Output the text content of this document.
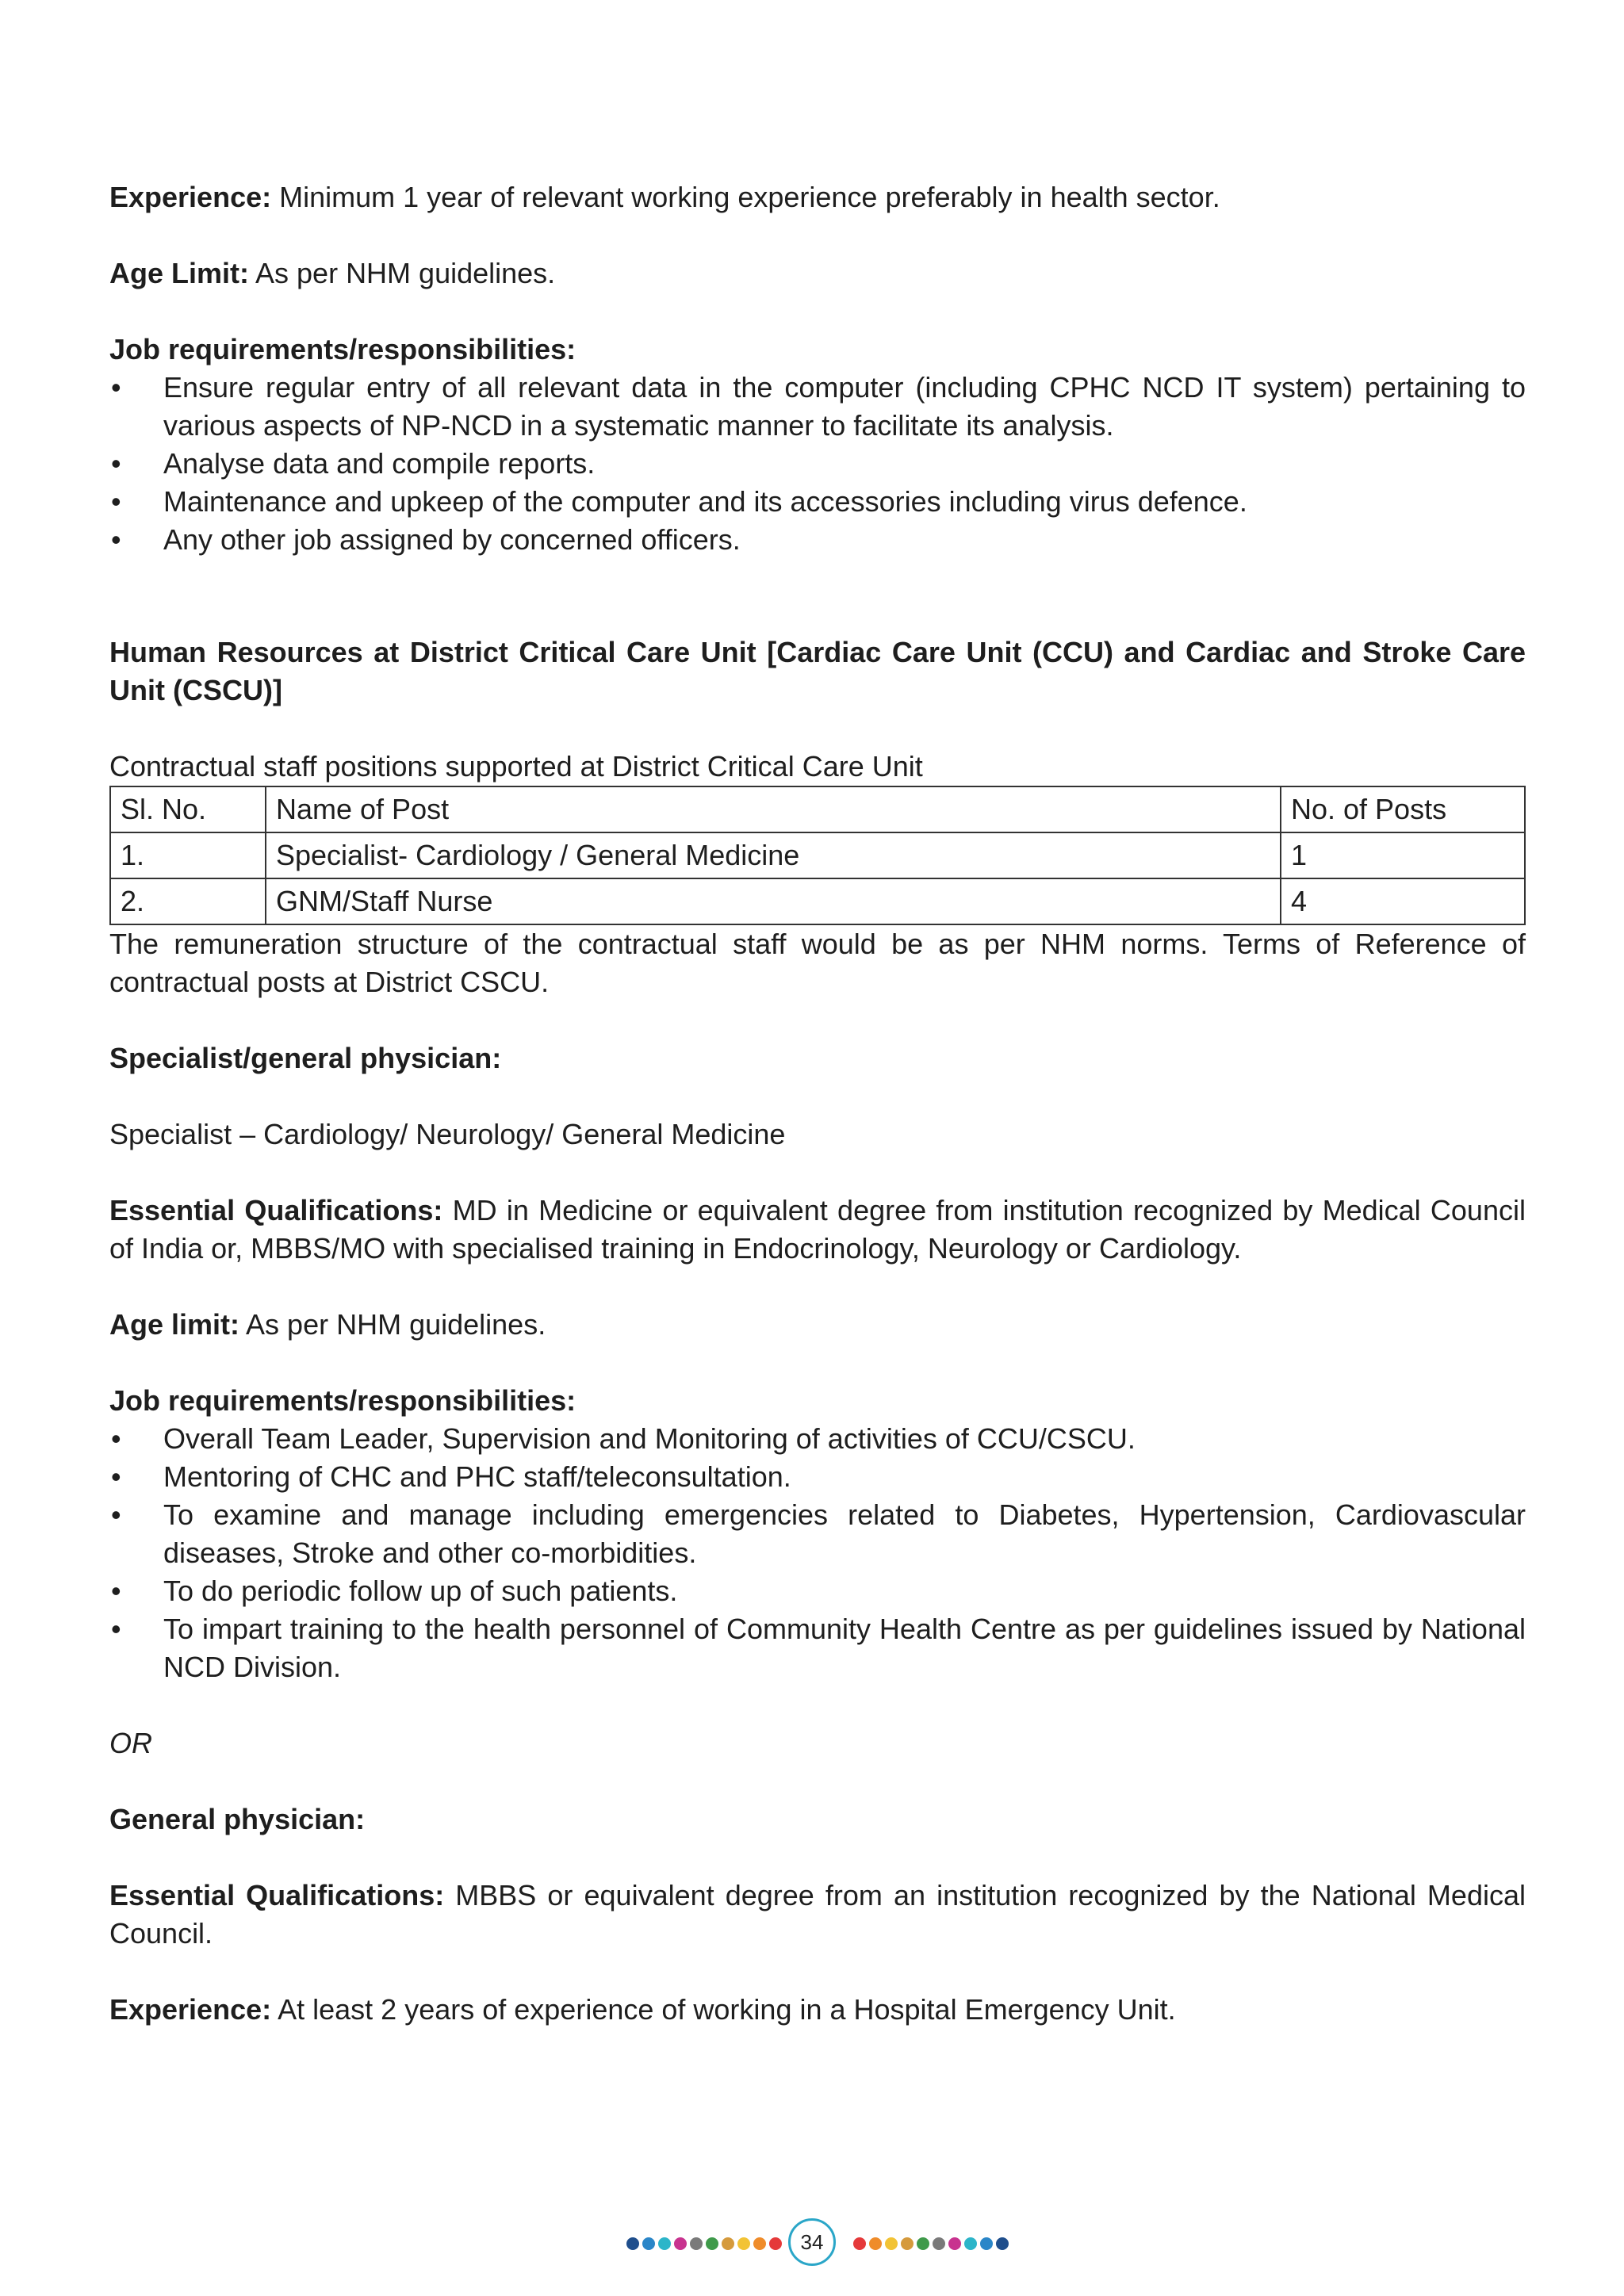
Experience: Minimum 1 year of relevant working experience preferably in health sector.

Age Limit: As per NHM guidelines.

Job requirements/responsibilities:

• Ensure regular entry of all relevant data in the computer (including CPHC NCD IT system) pertaining to various aspects of NP-NCD in a systematic manner to facilitate its analysis.
• Analyse data and compile reports.
• Maintenance and upkeep of the computer and its accessories including virus defence.
• Any other job assigned by concerned officers.

Human Resources at District Critical Care Unit [Cardiac Care Unit (CCU) and Cardiac and Stroke Care Unit (CSCU)]

Contractual staff positions supported at District Critical Care Unit

Sl. No.	Name of Post	No. of Posts
1.	Specialist- Cardiology / General Medicine	1
2.	GNM/Staff Nurse	4

The remuneration structure of the contractual staff would be as per NHM norms. Terms of Reference of contractual posts at District CSCU.

Specialist/general physician:

Specialist – Cardiology/ Neurology/ General Medicine

Essential Qualifications: MD in Medicine or equivalent degree from institution recognized by Medical Council of India or, MBBS/MO with specialised training in Endocrinology, Neurology or Cardiology.

Age limit: As per NHM guidelines.

Job requirements/responsibilities:

• Overall Team Leader, Supervision and Monitoring of activities of CCU/CSCU.
• Mentoring of CHC and PHC staff/teleconsultation.
• To examine and manage including emergencies related to Diabetes, Hypertension, Cardiovascular diseases, Stroke and other co-morbidities.
• To do periodic follow up of such patients.
• To impart training to the health personnel of Community Health Centre as per guidelines issued by National NCD Division.

OR

General physician:

Essential Qualifications: MBBS or equivalent degree from an institution recognized by the National Medical Council.

Experience: At least 2 years of experience of working in a Hospital Emergency Unit.

34
